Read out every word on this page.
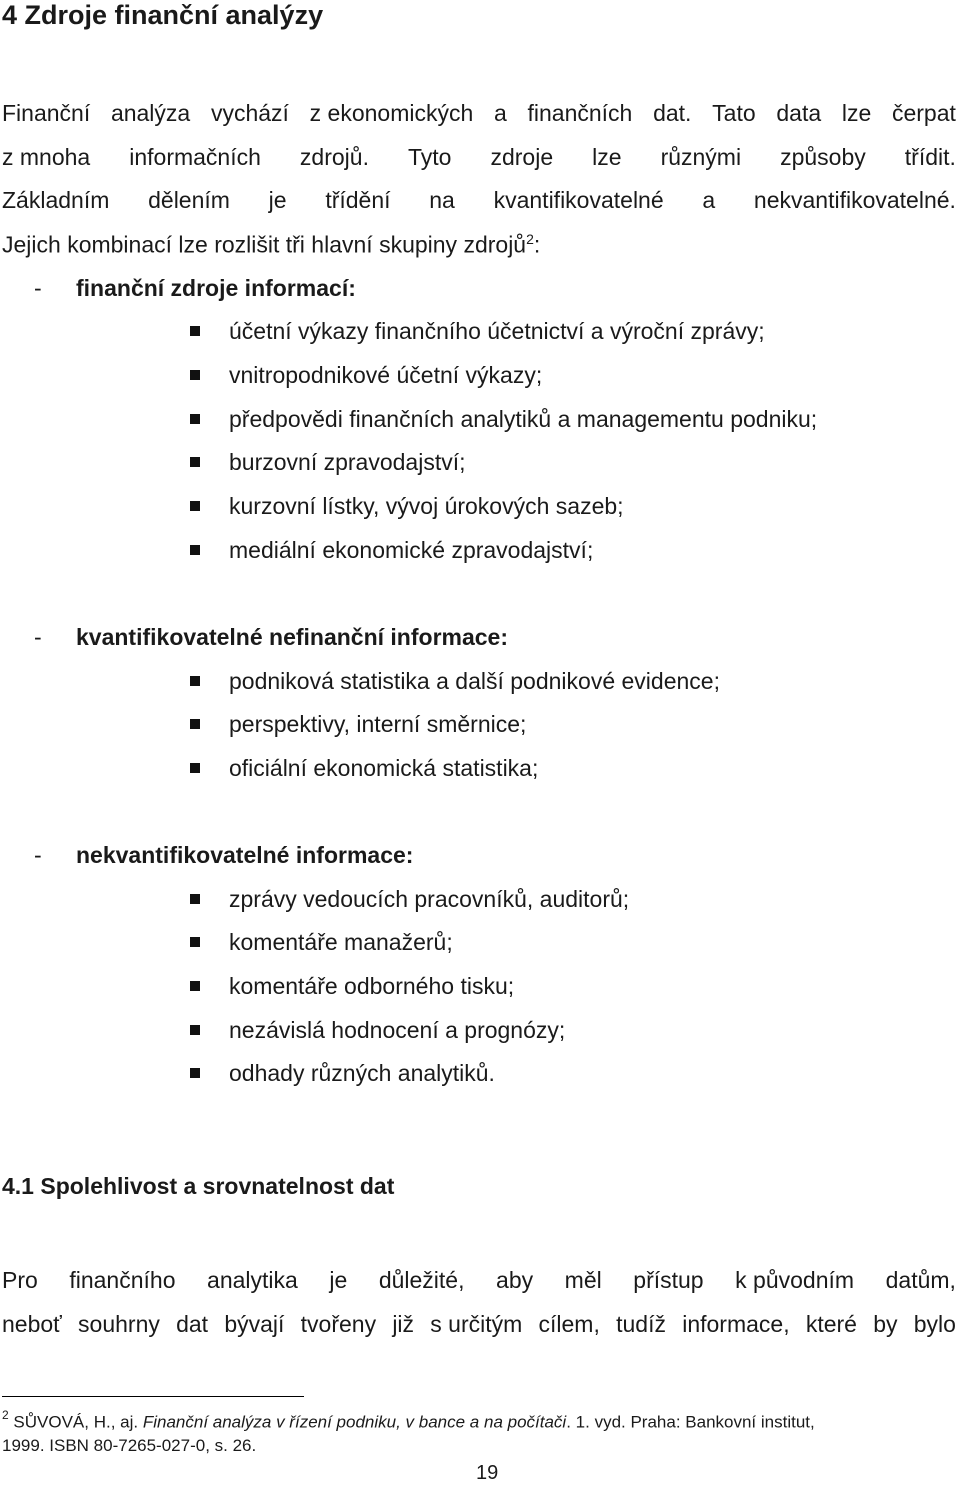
4 Zdroje finanční analýzy
Finanční analýza vychází z ekonomických a finančních dat. Tato data lze čerpat
z mnoha informačních zdrojů. Tyto zdroje lze různými způsoby třídit.
Základním dělením je třídění na kvantifikovatelné a nekvantifikovatelné.
Jejich kombinací lze rozlišit tři hlavní skupiny zdrojů$^2$:
- finanční zdroje informací:
účetní výkazy finančního účetnictví a výroční zprávy;
vnitropodnikové účetní výkazy;
předpovědi finančních analytiků a managementu podniku;
burzovní zpravodajství;
kurzovní lístky, vývoj úrokových sazeb;
mediální ekonomické zpravodajství;
- kvantifikovatelné nefinanční informace:
podniková statistika a další podnikové evidence;
perspektivy, interní směrnice;
oficiální ekonomická statistika;
- nekvantifikovatelné informace:
zprávy vedoucích pracovníků, auditorů;
komentáře manažerů;
komentáře odborného tisku;
nezávislá hodnocení a prognózy;
odhady různých analytiků.
4.1 Spolehlivost a srovnatelnost dat
Pro finančního analytika je důležité, aby měl přístup k původním datům,
neboť souhrny dat bývají tvořeny již s určitým cílem, tudíž informace, které by bylo
$^2$ SŮVOVÁ, H., aj. Finanční analýza v řízení podniku, v bance a na počítači. 1. vyd. Praha: Bankovní institut,
1999. ISBN 80-7265-027-0, s. 26.
19
